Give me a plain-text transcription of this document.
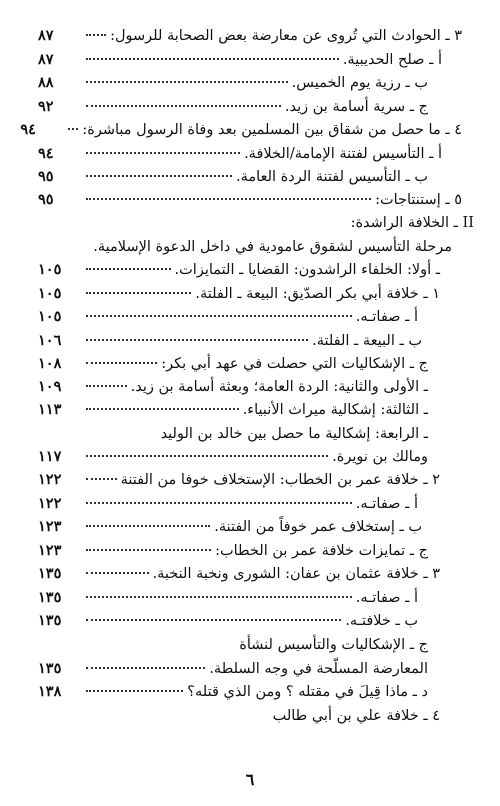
٣ ـ الحوادث التي تُروى عن معارضة بعض الصحابة للرسول:
٨٧
أ ـ صلح الحديبية.
٨٧
ب ـ رزية يوم الخميس.
٨٨
ج ـ سرية أسامة بن زيد.
٩٢
٤ ـ ما حصل من شقاق بين المسلمين بعد وفاة الرسول مباشرة:
٩٤
أ ـ التأسيس لفتنة الإمامة/الخلافة.
٩٤
ب ـ التأسيس لفتنة الردة العامة.
٩٥
٥ ـ إستنتاجات:
٩٥
II ـ الخلافة الراشدة:
مرحلة التأسيس لشقوق عامودية في داخل الدعوة الإسلامية.
ـ أولا: الخلفاء الراشدون: القضايا ـ التمايزات.
١٠٥
١ ـ خلافة أبي بكر الصدّيق: البيعة ـ الفلتة.
١٠٥
أ ـ صفاتـه.
١٠٥
ب ـ البيعة ـ الفلتة.
١٠٦
ج ـ الإشكاليات التي حصلت في عهد أبي بكر:
١٠٨
ـ الأولى والثانية: الردة العامة؛ وبعثة أسامة بن زيد.
١٠٩
ـ الثالثة: إشكالية ميراث الأنبياء.
١١٣
ـ الرابعة: إشكالية ما حصل بين خالد بن الوليد
ومالك بن نويرة.
١١٧
٢ ـ خلافة عمر بن الخطاب: الإستخلاف خوفا من الفتنة
١٢٢
أ ـ صفاتـه.
١٢٢
ب ـ إستخلاف عمر خوفاً من الفتنة.
١٢٣
ج ـ تمايزات خلافة عمر بن الخطاب:
١٢٣
٣ ـ خلافة عثمان بن عفان: الشورى ونخبة النخبة.
١٣٥
أ ـ صفاتـه.
١٣٥
ب ـ خلافتـه.
١٣٥
ج ـ الإشكاليات والتأسيس لنشأة
المعارضة المسلّحة في وجه السلطة.
١٣٥
د ـ ماذا قِيلَ في مقتله ؟ ومن الذي قتله؟
١٣٨
٤ ـ خلافة علي بن أبي طالب
٦
